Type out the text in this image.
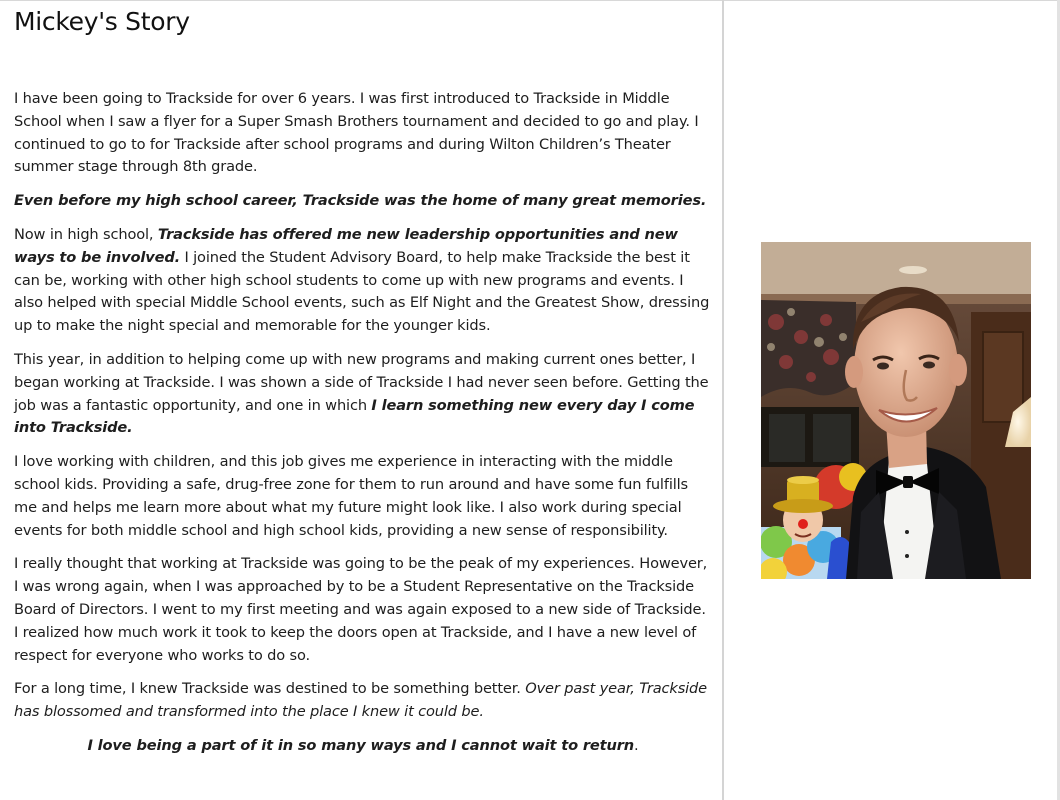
Mickey's Story

I have been going to Trackside for over 6 years. I was first introduced to Trackside in Middle School when I saw a flyer for a Super Smash Brothers tournament and decided to go and play. I continued to go to for Trackside after school programs and during Wilton Children’s Theater summer stage through 8th grade.

Even before my high school career, Trackside was the home of many great memories.

Now in high school, Trackside has offered me new leadership opportunities and new ways to be involved. I joined the Student Advisory Board, to help make Trackside the best it can be, working with other high school students to come up with new programs and events. I also helped with special Middle School events, such as Elf Night and the Greatest Show, dressing up to make the night special and memorable for the younger kids.

This year, in addition to helping come up with new programs and making current ones better, I began working at Trackside. I was shown a side of Trackside I had never seen before. Getting the job was a fantastic opportunity, and one in which I learn something new every day I come into Trackside.

I love working with children, and this job gives me experience in interacting with the middle school kids. Providing a safe, drug-free zone for them to run around and have some fun fulfills me and helps me learn more about what my future might look like. I also work during special events for both middle school and high school kids, providing a new sense of responsibility.

I really thought that working at Trackside was going to be the peak of my experiences. However, I was wrong again, when I was approached by to be a Student Representative on the Trackside Board of Directors. I went to my first meeting and was again exposed to a new side of Trackside. I realized how much work it took to keep the doors open at Trackside, and I have a new level of respect for everyone who works to do so.

For a long time, I knew Trackside was destined to be something better. Over past year, Trackside has blossomed and transformed into the place I knew it could be.

I love being a part of it in so many ways and I cannot wait to return.
